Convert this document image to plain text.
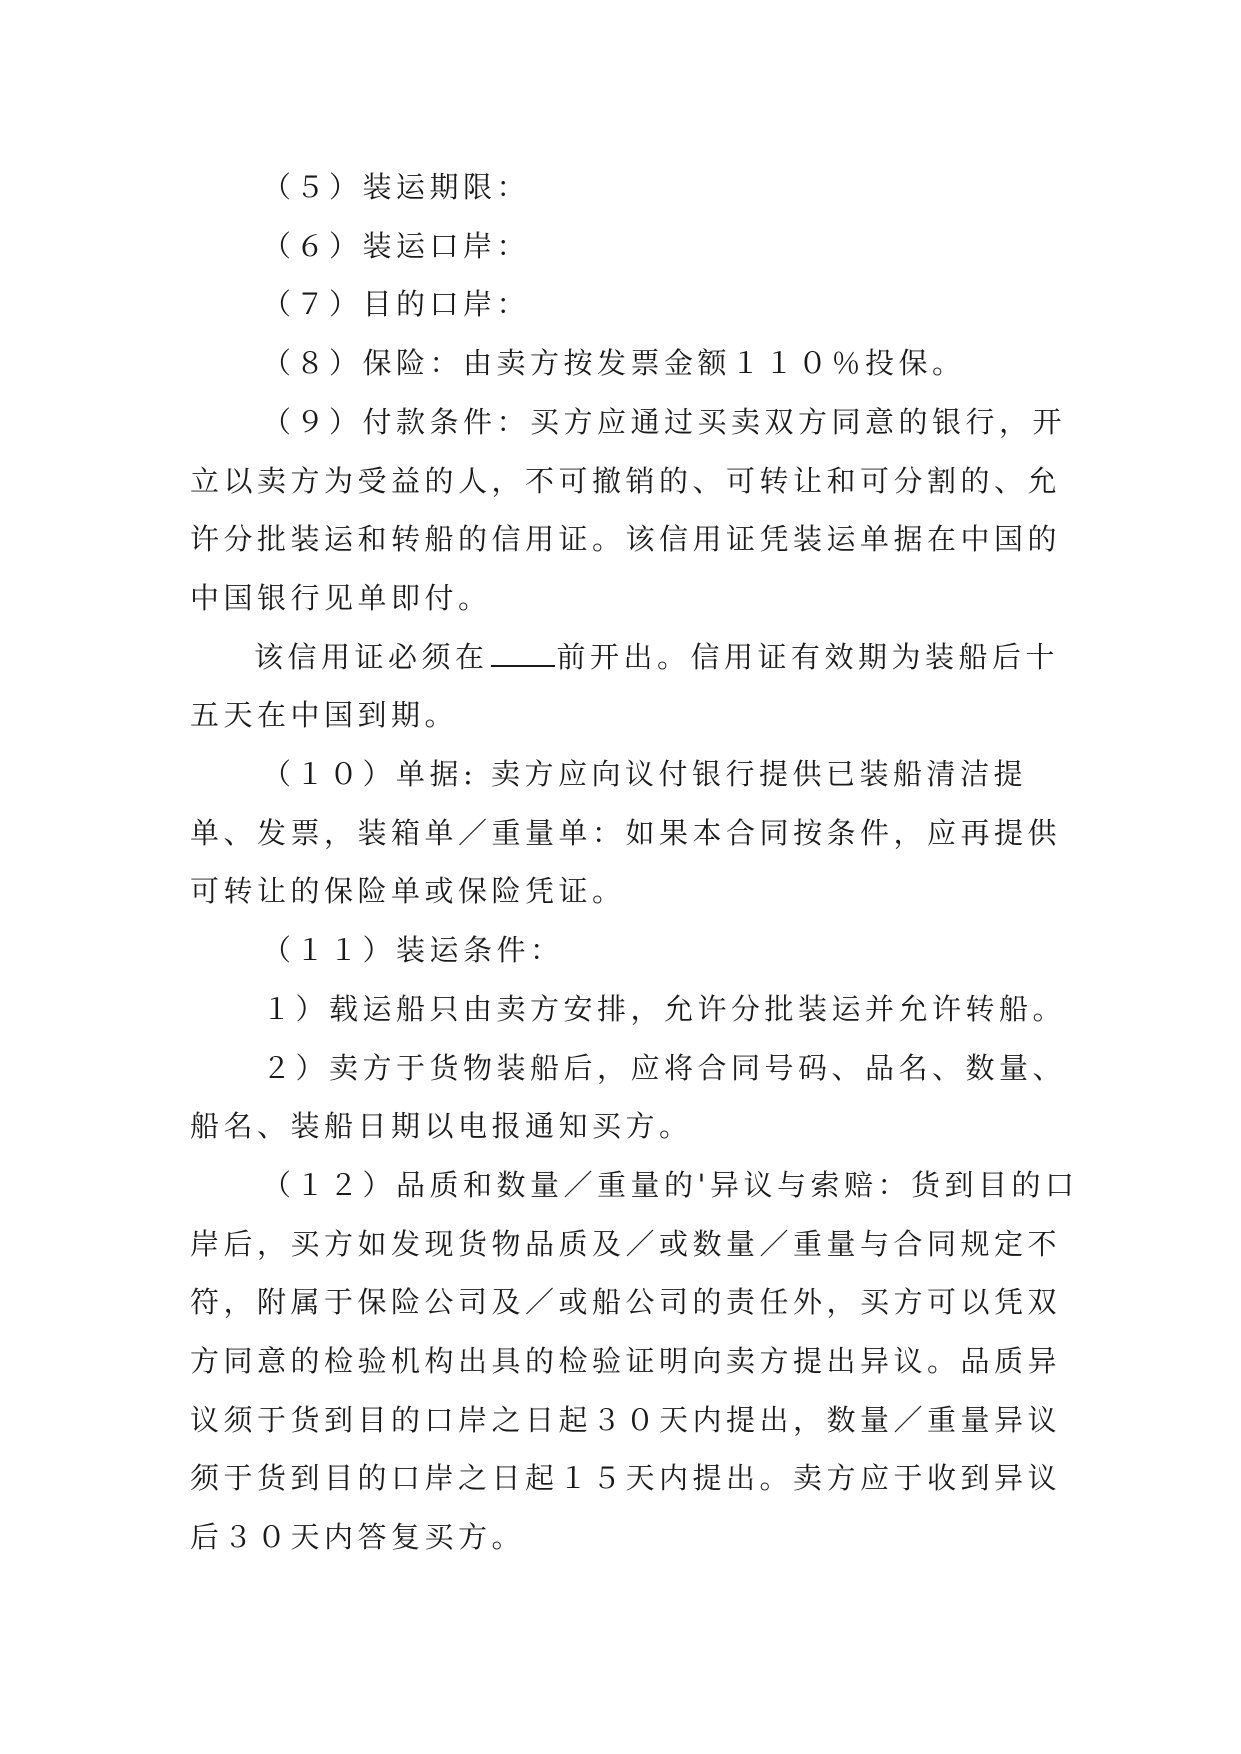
（５）装运期限：

（６）装运口岸：

（７）目的口岸：

（８）保险：由卖方按发票金额１１０％投保。

（９）付款条件：买方应通过买卖双方同意的银行，开立以卖方为受益的人，不可撤销的、可转让和可分割的、允许分批装运和转船的信用证。该信用证凭装运单据在中国的中国银行见单即付。

该信用证必须在 前开出。信用证有效期为装船后十五天在中国到期。

（１０）单据: 卖方应向议付银行提供已装船清洁提单、发票，装箱单／重量单：如果本合同按条件，应再提供可转让的保险单或保险凭证。

（１１）装运条件：

１）载运船只由卖方安排，允许分批装运并允许转船。

２）卖方于货物装船后，应将合同号码、品名、数量、船名、装船日期以电报通知买方。

（１２）品质和数量／重量的'异议与索赔：货到目的口岸后，买方如发现货物品质及／或数量／重量与合同规定不符，附属于保险公司及／或船公司的责任外，买方可以凭双方同意的检验机构出具的检验证明向卖方提出异议。品质异议须于货到目的口岸之日起３０天内提出，数量／重量异议须于货到目的口岸之日起１５天内提出。卖方应于收到异议后３０天内答复买方。
